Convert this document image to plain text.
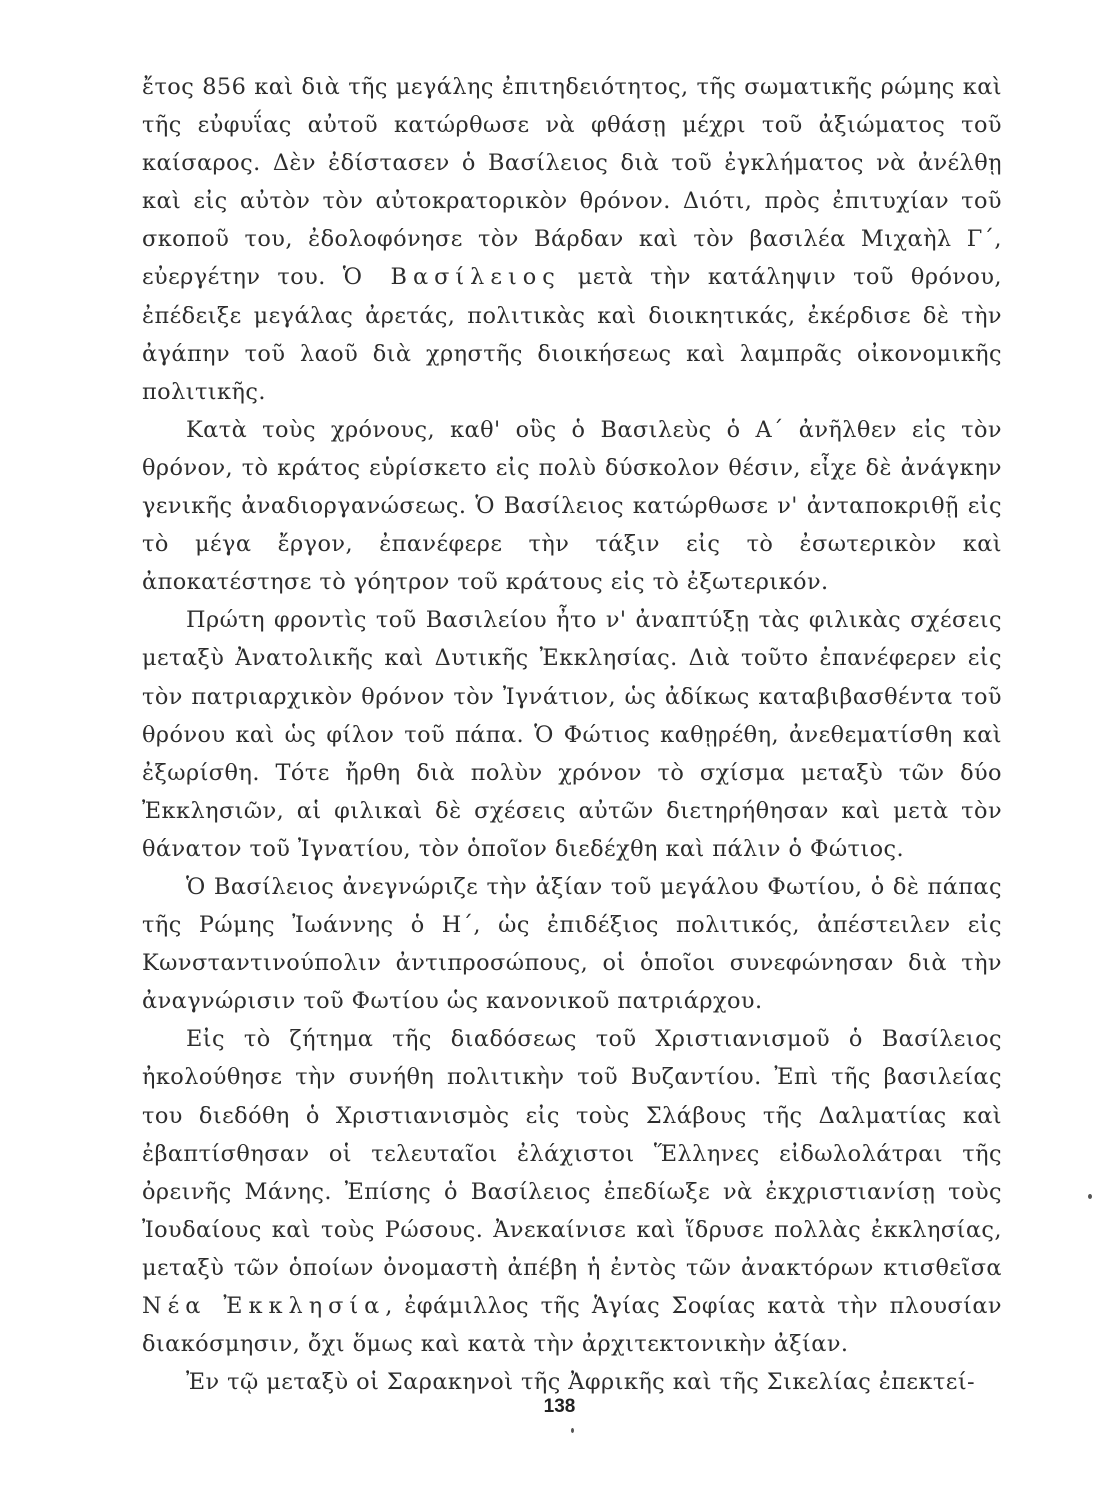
ἔτος 856 καὶ διὰ τῆς μεγάλης ἐπιτηδειότητος, τῆς σωματικῆς ρώμης καὶ τῆς εὐφυΐας αὐτοῦ κατώρθωσε νὰ φθάσῃ μέχρι τοῦ ἀξιώματος τοῦ καίσαρος. Δὲν ἐδίστασεν ὁ Βασίλειος διὰ τοῦ ἐγκλήματος νὰ ἀνέλθῃ καὶ εἰς αὐτὸν τὸν αὐτοκρατορικὸν θρόνον. Διότι, πρὸς ἐπιτυχίαν τοῦ σκοποῦ του, ἐδολοφόνησε τὸν Βάρδαν καὶ τὸν βασιλέα Μιχαὴλ Γ΄, εὐεργέτην του. Ὁ Βασίλειος μετὰ τὴν κατάληψιν τοῦ θρόνου, ἐπέδειξε μεγάλας ἀρετάς, πολιτικὰς καὶ διοικητικάς, ἐκέρδισε δὲ τὴν ἀγάπην τοῦ λαοῦ διὰ χρηστῆς διοικήσεως καὶ λαμπρᾶς οἰκονομικῆς πολιτικῆς.

Κατὰ τοὺς χρόνους, καθ' οὓς ὁ Βασιλεὺς ὁ Α΄ ἀνῆλθεν εἰς τὸν θρόνον, τὸ κράτος εὑρίσκετο εἰς πολὺ δύσκολον θέσιν, εἶχε δὲ ἀνάγκην γενικῆς ἀναδιοργανώσεως. Ὁ Βασίλειος κατώρθωσε ν' ἀνταποκριθῇ εἰς τὸ μέγα ἔργον, ἐπανέφερε τὴν τάξιν εἰς τὸ ἐσωτερικὸν καὶ ἀποκατέστησε τὸ γόητρον τοῦ κράτους εἰς τὸ ἐξωτερικόν.

Πρώτη φροντὶς τοῦ Βασιλείου ἦτο ν' ἀναπτύξῃ τὰς φιλικὰς σχέσεις μεταξὺ Ἀνατολικῆς καὶ Δυτικῆς Ἐκκλησίας. Διὰ τοῦτο ἐπανέφερεν εἰς τὸν πατριαρχικὸν θρόνον τὸν Ἰγνάτιον, ὡς ἀδίκως καταβιβασθέντα τοῦ θρόνου καὶ ὡς φίλον τοῦ πάπα. Ὁ Φώτιος καθῃρέθη, ἀνεθεματίσθη καὶ ἐξωρίσθη. Τότε ἤρθη διὰ πολὺν χρόνον τὸ σχίσμα μεταξὺ τῶν δύο Ἐκκλησιῶν, αἱ φιλικαὶ δὲ σχέσεις αὐτῶν διετηρήθησαν καὶ μετὰ τὸν θάνατον τοῦ Ἰγνατίου, τὸν ὁποῖον διεδέχθη καὶ πάλιν ὁ Φώτιος.

Ὁ Βασίλειος ἀνεγνώριζε τὴν ἀξίαν τοῦ μεγάλου Φωτίου, ὁ δὲ πάπας τῆς Ρώμης Ἰωάννης ὁ Η΄, ὡς ἐπιδέξιος πολιτικός, ἀπέστειλεν εἰς Κωνσταντινούπολιν ἀντιπροσώπους, οἱ ὁποῖοι συνεφώνησαν διὰ τὴν ἀναγνώρισιν τοῦ Φωτίου ὡς κανονικοῦ πατριάρχου.

Εἰς τὸ ζήτημα τῆς διαδόσεως τοῦ Χριστιανισμοῦ ὁ Βασίλειος ἠκολούθησε τὴν συνήθη πολιτικὴν τοῦ Βυζαντίου. Ἐπὶ τῆς βασιλείας του διεδόθη ὁ Χριστιανισμὸς εἰς τοὺς Σλάβους τῆς Δαλματίας καὶ ἐβαπτίσθησαν οἱ τελευταῖοι ἐλάχιστοι Ἕλληνες εἰδωλολάτραι τῆς ὀρεινῆς Μάνης. Ἐπίσης ὁ Βασίλειος ἐπεδίωξε νὰ ἐκχριστιανίσῃ τοὺς Ἰουδαίους καὶ τοὺς Ρώσους. Ἀνεκαίνισε καὶ ἵδρυσε πολλὰς ἐκκλησίας, μεταξὺ τῶν ὁποίων ὀνομαστὴ ἀπέβη ἡ ἐντὸς τῶν ἀνακτόρων κτισθεῖσα Νέα Ἐκκλησία, ἐφάμιλλος τῆς Ἁγίας Σοφίας κατὰ τὴν πλουσίαν διακόσμησιν, ὄχι ὅμως καὶ κατὰ τὴν ἀρχιτεκτονικὴν ἀξίαν.

Ἐν τῷ μεταξὺ οἱ Σαρακηνοὶ τῆς Ἀφρικῆς καὶ τῆς Σικελίας ἐπεκτεί-

138
